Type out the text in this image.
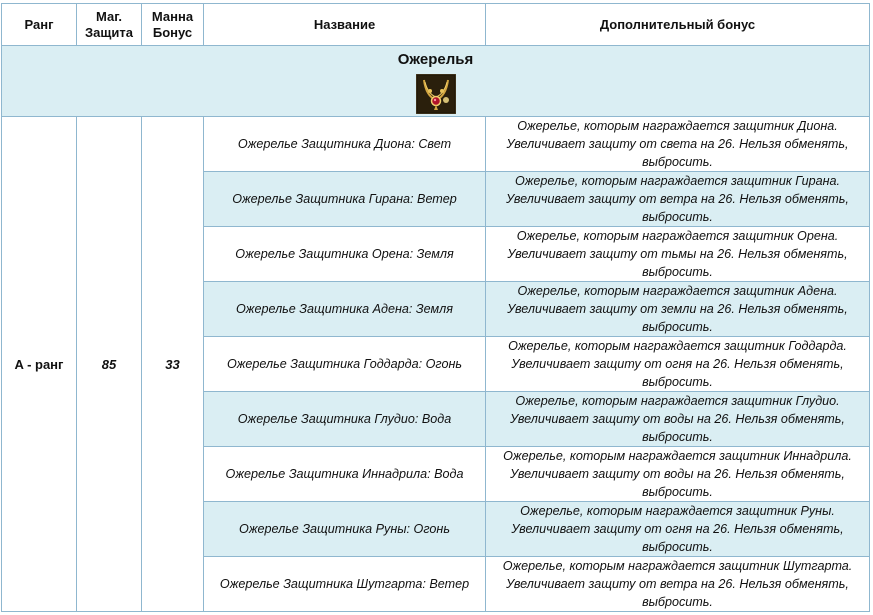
Ранг	Маг. Защита	Манна Бонус	Название	Дополнительный бонус

Ожерелья				

A - ранг	85	33	Ожерелье Защитника Диона: Свет	Ожерелье, которым награждается защитник Диона. Увеличивает защиту от света на 26. Нельзя обменять, выбросить.
			Ожерелье Защитника Гирана: Ветер	Ожерелье, которым награждается защитник Гирана. Увеличивает защиту от ветра на 26. Нельзя обменять, выбросить.
			Ожерелье Защитника Орена: Земля	Ожерелье, которым награждается защитник Орена. Увеличивает защиту от тьмы на 26. Нельзя обменять, выбросить.
			Ожерелье Защитника Адена: Земля	Ожерелье, которым награждается защитник Адена. Увеличивает защиту от земли на 26. Нельзя обменять, выбросить.
			Ожерелье Защитника Годдарда: Огонь	Ожерелье, которым награждается защитник Годдарда. Увеличивает защиту от огня на 26. Нельзя обменять, выбросить.
			Ожерелье Защитника Глудио: Вода	Ожерелье, которым награждается защитник Глудио. Увеличивает защиту от воды на 26. Нельзя обменять, выбросить.
			Ожерелье Защитника Иннадрила: Вода	Ожерелье, которым награждается защитник Иннадрила. Увеличивает защиту от воды на 26. Нельзя обменять, выбросить.
			Ожерелье Защитника Руны: Огонь	Ожерелье, которым награждается защитник Руны. Увеличивает защиту от огня на 26. Нельзя обменять, выбросить.
			Ожерелье Защитника Шутгарта: Ветер	Ожерелье, которым награждается защитник Шутгарта. Увеличивает защиту от ветра на 26. Нельзя обменять, выбросить.
